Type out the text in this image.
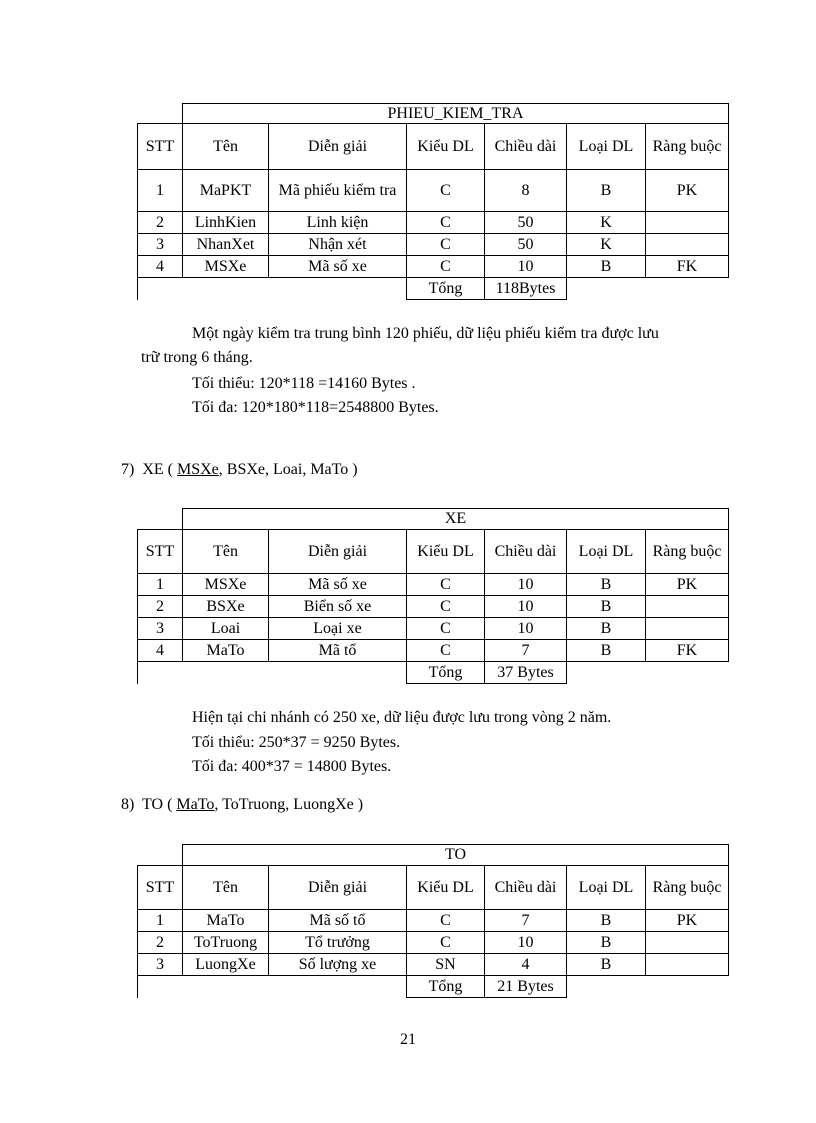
	PHIEU_KIEM_TRA					
STT	Tên	Diễn giải	Kiểu DL	Chiều dài	Loại DL	Ràng buộc
1	MaPKT	Mã phiếu kiểm tra	C	8	B	PK
2	LinhKien	Linh kiện	C	50	K	
3	NhanXet	Nhận xét	C	50	K	
4	MSXe	Mã số xe	C	10	B	FK
			Tổng	118Bytes		
Một ngày kiểm tra trung bình 120 phiếu, dữ liệu phiếu kiểm tra được lưu
trữ trong 6 tháng.
Tối thiểu: 120*118 =14160 Bytes .
Tối đa: 120*180*118=2548800 Bytes.
7)  XE ( MSXe, BSXe, Loai, MaTo )
	XE					
STT	Tên	Diễn giải	Kiểu DL	Chiều dài	Loại DL	Ràng buộc
1	MSXe	Mã số xe	C	10	B	PK
2	BSXe	Biển số xe	C	10	B	
3	Loai	Loại xe	C	10	B	
4	MaTo	Mã tổ	C	7	B	FK
			Tổng	37 Bytes		
Hiện tại chi nhánh có 250 xe, dữ liệu được lưu trong vòng 2 năm.
Tối thiểu: 250*37 = 9250 Bytes.
Tối đa: 400*37 = 14800 Bytes.
8)  TO ( MaTo, ToTruong, LuongXe )
	TO					
STT	Tên	Diễn giải	Kiểu DL	Chiều dài	Loại DL	Ràng buộc
1	MaTo	Mã số tổ	C	7	B	PK
2	ToTruong	Tổ trưởng	C	10	B	
3	LuongXe	Số lượng xe	SN	4	B	
			Tổng	21 Bytes		
21
